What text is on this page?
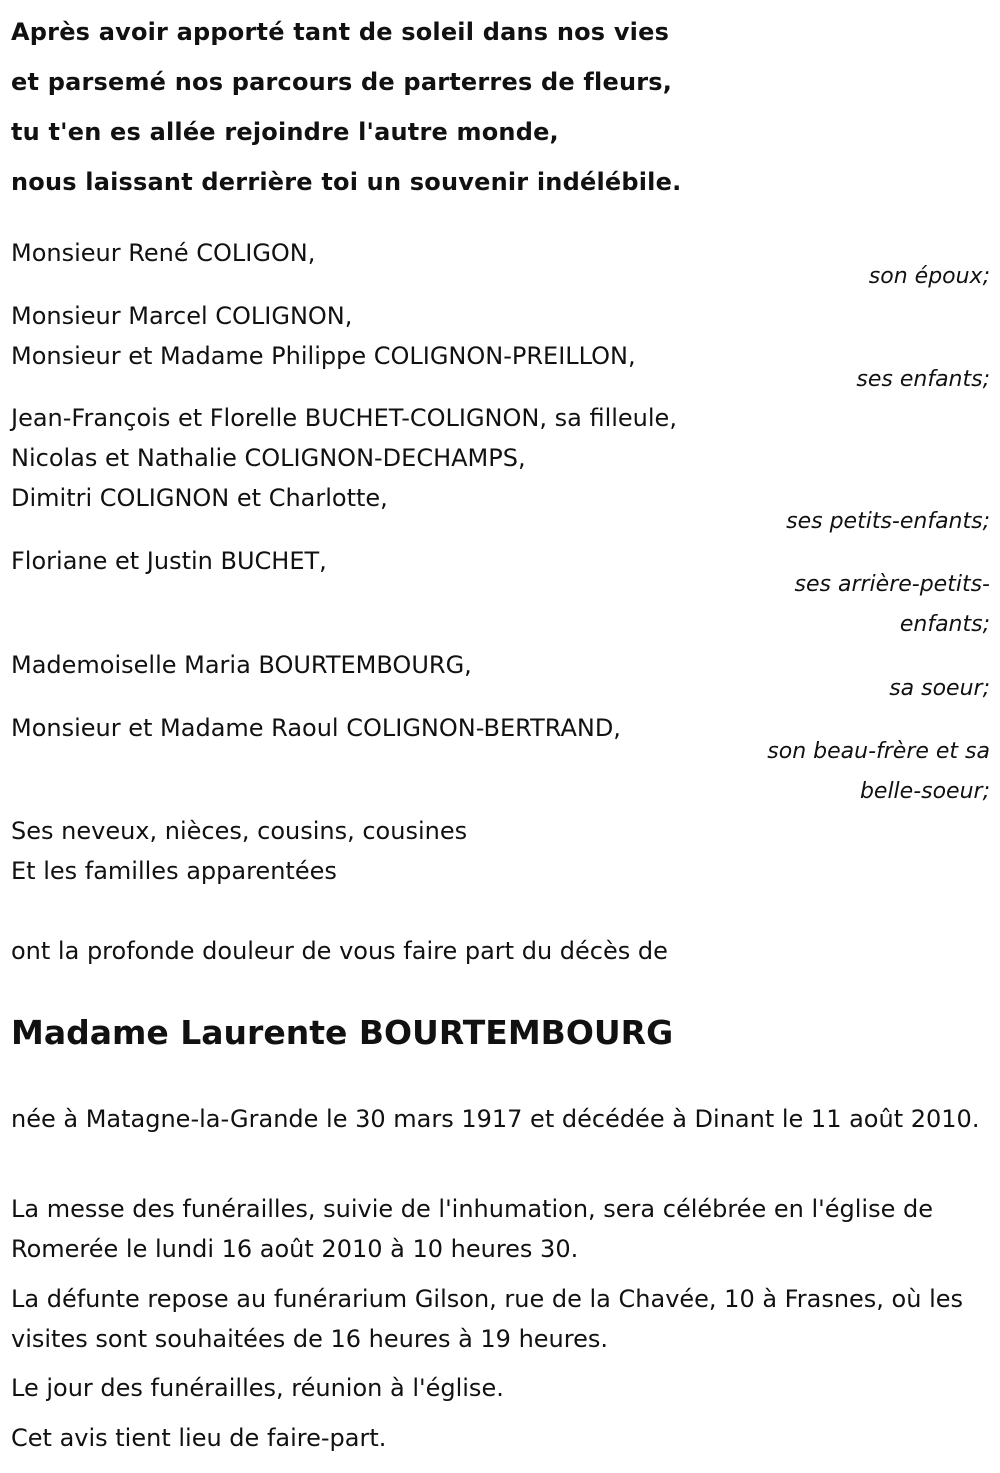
Après avoir apporté tant de soleil dans nos vies
et parsemé nos parcours de parterres de fleurs,
tu t'en es allée rejoindre l'autre monde,
nous laissant derrière toi un souvenir indélébile.
Monsieur René COLIGON,
son époux;
Monsieur Marcel COLIGNON,
Monsieur et Madame Philippe COLIGNON-PREILLON,
ses enfants;
Jean-François et Florelle BUCHET-COLIGNON, sa filleule,
Nicolas et Nathalie COLIGNON-DECHAMPS,
Dimitri COLIGNON et Charlotte,
ses petits-enfants;
Floriane et Justin BUCHET,
ses arrière-petits-
enfants;
Mademoiselle Maria BOURTEMBOURG,
sa soeur;
Monsieur et Madame Raoul COLIGNON-BERTRAND,
son beau-frère et sa
belle-soeur;
Ses neveux, nièces, cousins, cousines
Et les familles apparentées
ont la profonde douleur de vous faire part du décès de
Madame Laurente BOURTEMBOURG
née à Matagne-la-Grande le 30 mars 1917 et décédée à Dinant le 11 août 2010.
La messe des funérailles, suivie de l'inhumation, sera célébrée en l'église de Romerée le lundi 16 août 2010 à 10 heures 30.
La défunte repose au funérarium Gilson, rue de la Chavée, 10 à Frasnes, où les visites sont souhaitées de 16 heures à 19 heures.
Le jour des funérailles, réunion à l'église.
Cet avis tient lieu de faire-part.
